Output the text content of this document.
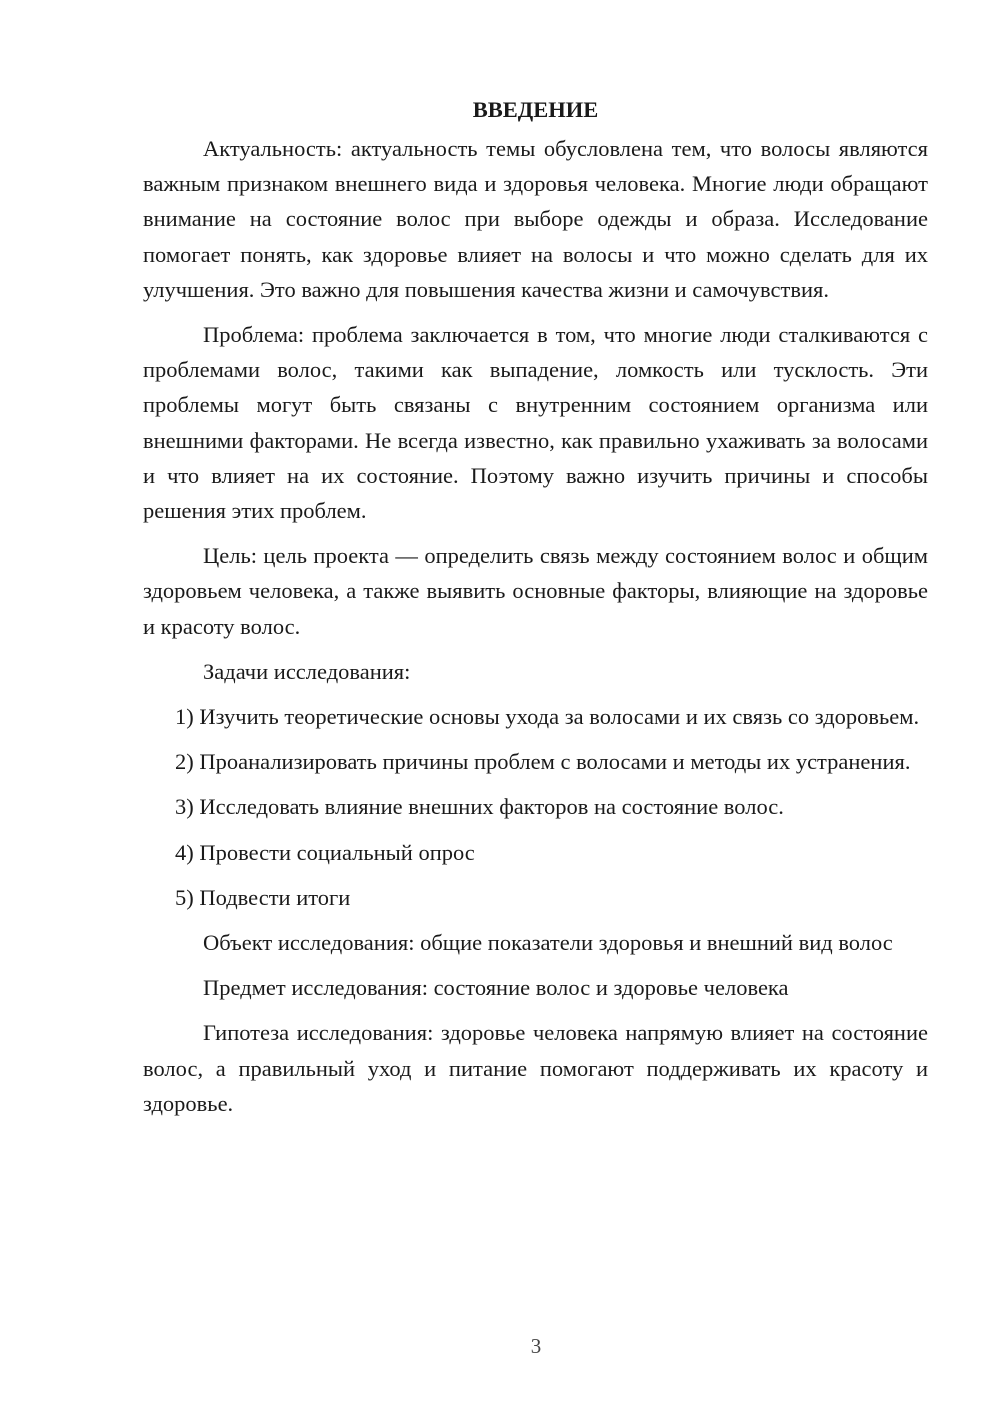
ВВЕДЕНИЕ

Актуальность: актуальность темы обусловлена тем, что волосы являются важным признаком внешнего вида и здоровья человека. Многие люди обращают внимание на состояние волос при выборе одежды и образа. Исследование помогает понять, как здоровье влияет на волосы и что можно сделать для их улучшения. Это важно для повышения качества жизни и самочувствия.

Проблема: проблема заключается в том, что многие люди сталкиваются с проблемами волос, такими как выпадение, ломкость или тусклость. Эти проблемы могут быть связаны с внутренним состоянием организма или внешними факторами. Не всегда известно, как правильно ухаживать за волосами и что влияет на их состояние. Поэтому важно изучить причины и способы решения этих проблем.

Цель: цель проекта — определить связь между состоянием волос и общим здоровьем человека, а также выявить основные факторы, влияющие на здоровье и красоту волос.

Задачи исследования:

1) Изучить теоретические основы ухода за волосами и их связь со здоровьем.

2) Проанализировать причины проблем с волосами и методы их устранения.

3) Исследовать влияние внешних факторов на состояние волос.

4) Провести социальный опрос

5) Подвести итоги

Объект исследования: общие показатели здоровья и внешний вид волос

Предмет исследования: состояние волос и здоровье человека

Гипотеза исследования: здоровье человека напрямую влияет на состояние волос, а правильный уход и питание помогают поддерживать их красоту и здоровье.

3
